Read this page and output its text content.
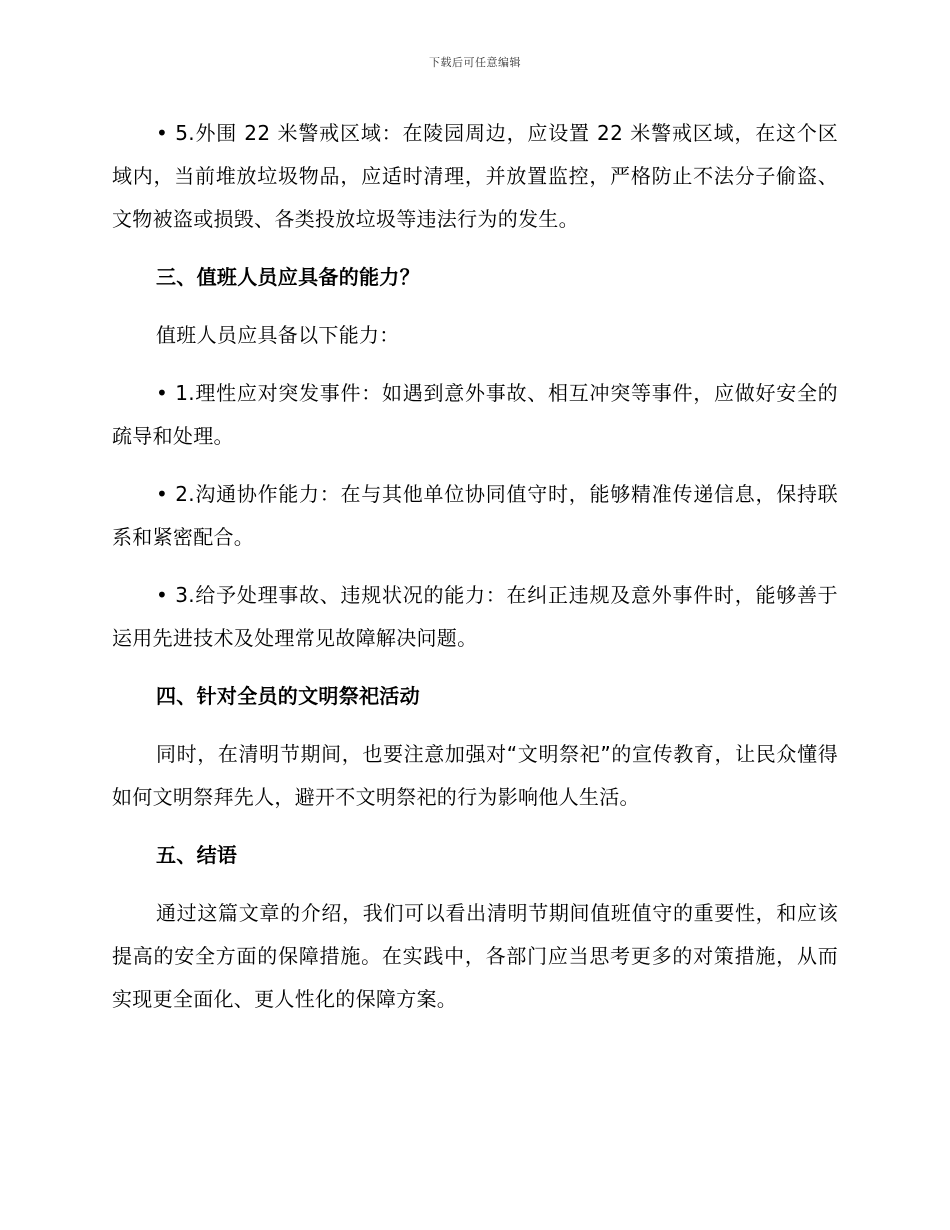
下载后可任意编辑

• 5.外围 22 米警戒区域：在陵园周边，应设置 22 米警戒区域，在这个区域内，当前堆放垃圾物品，应适时清理，并放置监控，严格防止不法分子偷盗、文物被盗或损毁、各类投放垃圾等违法行为的发生。

三、值班人员应具备的能力？

值班人员应具备以下能力：

• 1.理性应对突发事件：如遇到意外事故、相互冲突等事件，应做好安全的疏导和处理。

• 2.沟通协作能力：在与其他单位协同值守时，能够精准传递信息，保持联系和紧密配合。

• 3.给予处理事故、违规状况的能力：在纠正违规及意外事件时，能够善于运用先进技术及处理常见故障解决问题。

四、针对全员的文明祭祀活动

同时，在清明节期间，也要注意加强对“文明祭祀”的宣传教育，让民众懂得如何文明祭拜先人，避开不文明祭祀的行为影响他人生活。

五、结语

通过这篇文章的介绍，我们可以看出清明节期间值班值守的重要性，和应该提高的安全方面的保障措施。在实践中，各部门应当思考更多的对策措施，从而实现更全面化、更人性化的保障方案。
